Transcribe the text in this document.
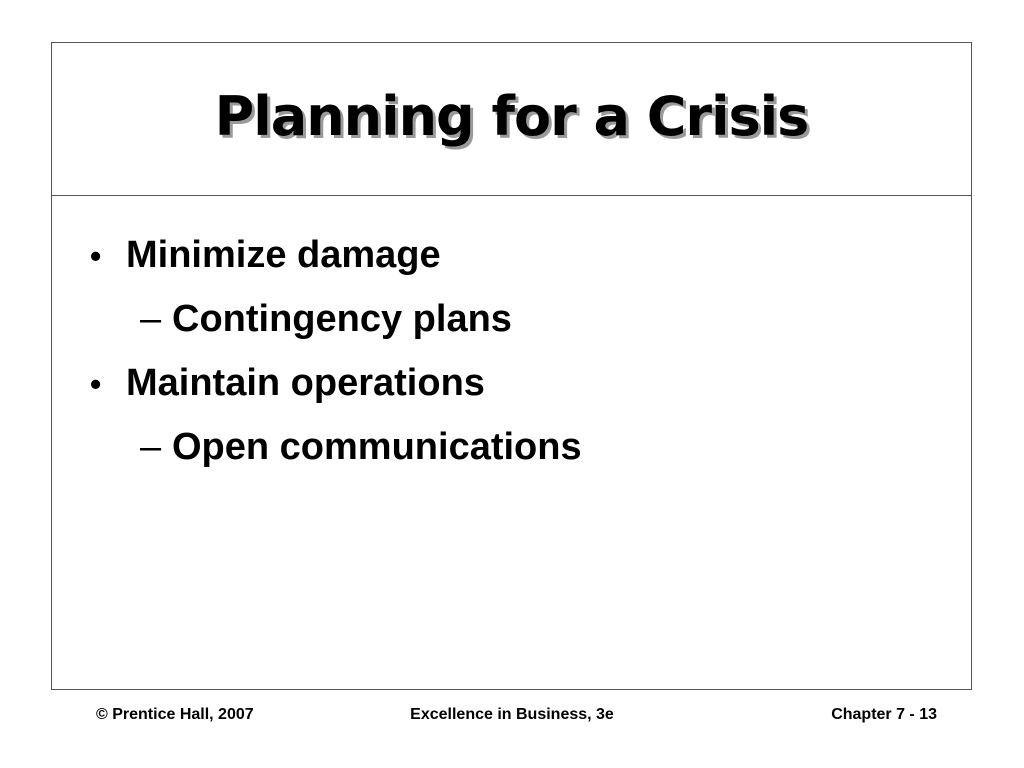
Planning for a Crisis
• Minimize damage
– Contingency plans
• Maintain operations
– Open communications
© Prentice Hall, 2007	Excellence in Business, 3e	Chapter 7 - 13
